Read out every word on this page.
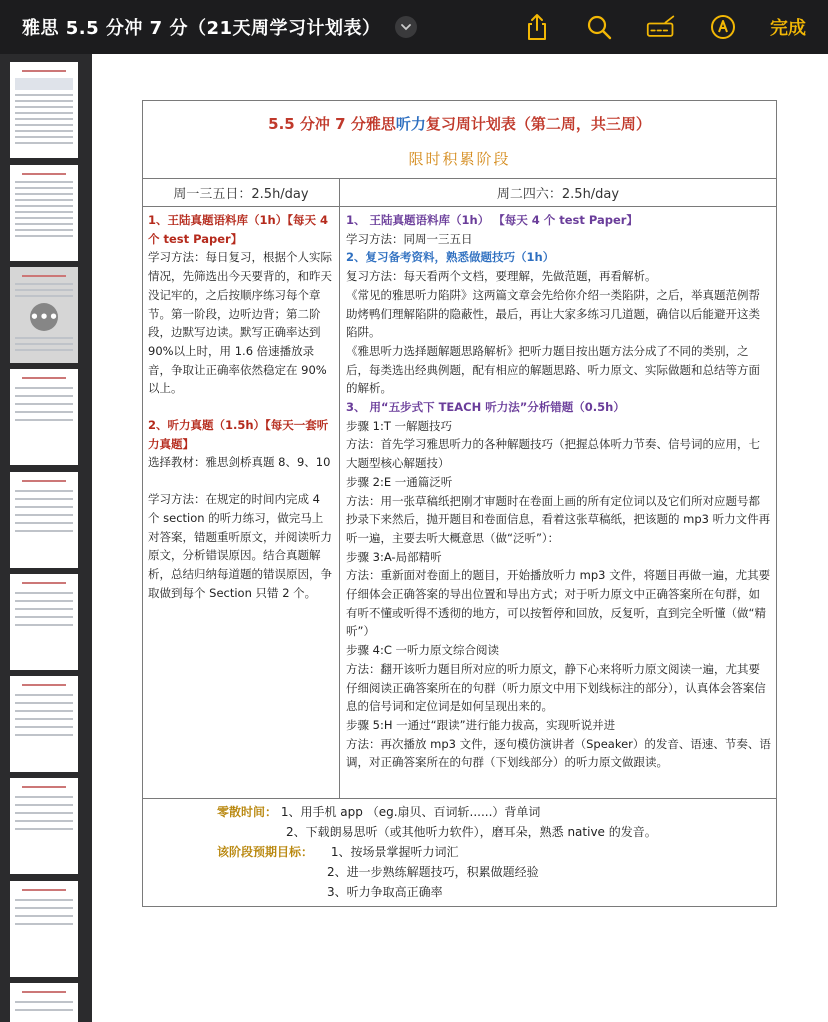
雅思 5.5 分冲 7 分（21天周学习计划表）	完成
•••
5.5 分冲 7 分雅思听力复习周计划表（第二周，共三周）
限时积累阶段
周一三五日：2.5h/day	周二四六：2.5h/day

1、王陆真题语料库（1h）【每天 4 个 test Paper】

学习方法：每日复习，根据个人实际情况，先筛选出今天要背的，和昨天没记牢的，之后按顺序练习每个章节。第一阶段，边听边背；第二阶段，边默写边读。默写正确率达到 90%以上时，用 1.6 倍速播放录音，争取让正确率依然稳定在 90%以上。

2、听力真题（1.5h）【每天一套听力真题】

选择教材：雅思剑桥真题 8、9、10

学习方法：在规定的时间内完成 4 个 section 的听力练习，做完马上对答案，错题重听原文，并阅读听力原文，分析错误原因。结合真题解析，总结归纳每道题的错误原因，争取做到每个 Section 只错 2 个。

1、 王陆真题语料库（1h） 【每天 4 个 test Paper】

学习方法：同周一三五日

2、复习备考资料，熟悉做题技巧（1h）

复习方法：每天看两个文档，要理解，先做范题，再看解析。

《常见的雅思听力陷阱》这两篇文章会先给你介绍一类陷阱，之后，举真题范例帮助烤鸭们理解陷阱的隐蔽性，最后，再让大家多练习几道题，确信以后能避开这类陷阱。

《雅思听力选择题解题思路解析》把听力题目按出题方法分成了不同的类别，之后，每类选出经典例题，配有相应的解题思路、听力原文、实际做题和总结等方面的解析。

3、 用“五步式下 TEACH 听力法”分析错题（0.5h）

步骤 1:T 一解题技巧

方法：首先学习雅思听力的各种解题技巧（把握总体听力节奏、信号词的应用，七大题型核心解题技）

步骤 2:E 一通篇泛听

方法：用一张草稿纸把刚才审题时在卷面上画的所有定位词以及它们所对应题号都抄录下来然后，抛开题目和卷面信息，看着这张草稿纸，把该题的 mp3 听力文件再听一遍，主要去听大概意思（做“泛听”）：

步骤 3:A-局部精听

方法：重新面对卷面上的题目，开始播放听力 mp3 文件，将题目再做一遍，尤其要仔细体会正确答案的导出位置和导出方式；对于听力原文中正确答案所在句群，如有听不懂或听得不透彻的地方，可以按暂停和回放，反复听，直到完全听懂（做“精听”）

步骤 4:C 一听力原文综合阅读

方法：翻开该听力题目所对应的听力原文，静下心来将听力原文阅读一遍，尤其要仔细阅读正确答案所在的句群（听力原文中用下划线标注的部分），认真体会答案信息的信号词和定位词是如何呈现出来的。

步骤 5:H 一通过“跟读”进行能力拔高，实现听说并进

方法：再次播放 mp3 文件，逐句模仿演讲者（Speaker）的发音、语速、节奏、语调，对正确答案所在的句群（下划线部分）的听力原文做跟读。

零散时间： 1、用手机 app （eg.扇贝、百词斩......）背单词
2、下载朗易思听（或其他听力软件），磨耳朵，熟悉 native 的发音。
该阶段预期目标： 1、按场景掌握听力词汇
2、进一步熟练解题技巧，积累做题经验
3、听力争取高正确率
